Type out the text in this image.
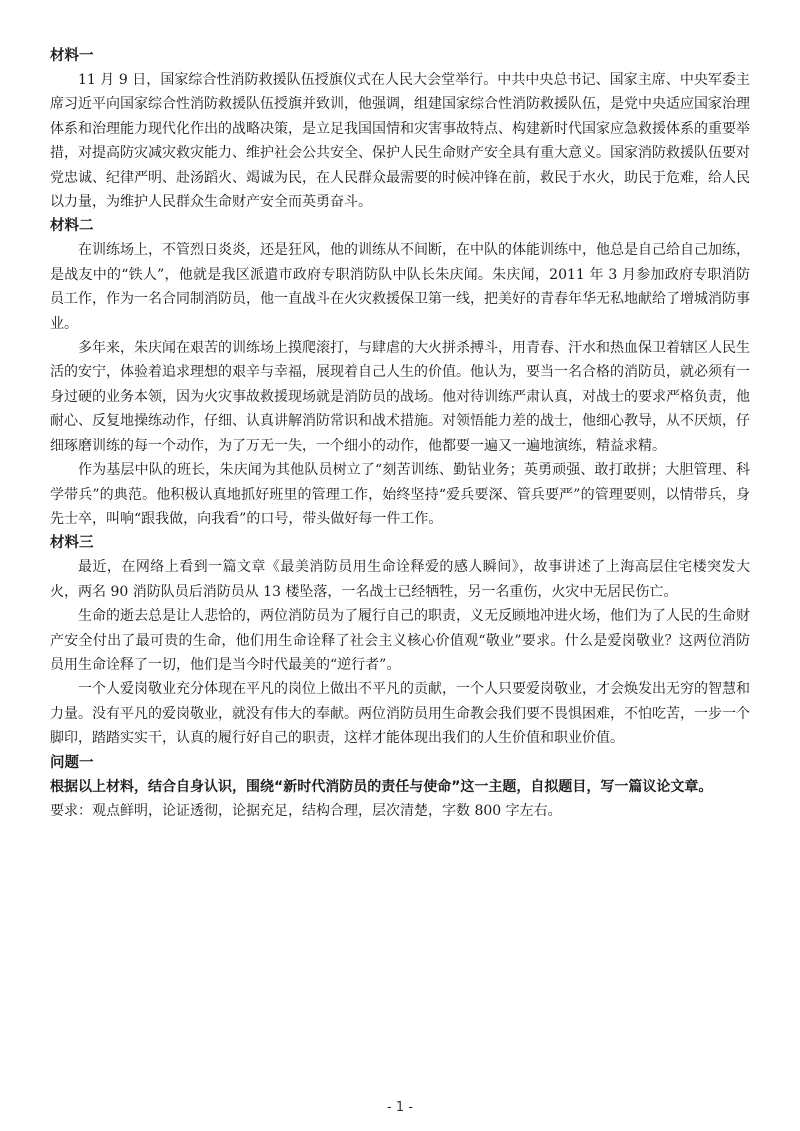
材料一

11 月 9 日，国家综合性消防救援队伍授旗仪式在人民大会堂举行。中共中央总书记、国家主席、中央军委主席习近平向国家综合性消防救援队伍授旗并致训，他强调，组建国家综合性消防救援队伍，是党中央适应国家治理体系和治理能力现代化作出的战略决策，是立足我国国情和灾害事故特点、构建新时代国家应急救援体系的重要举措，对提高防灾减灾救灾能力、维护社会公共安全、保护人民生命财产安全具有重大意义。国家消防救援队伍要对党忠诚、纪律严明、赴汤蹈火、竭诚为民，在人民群众最需要的时候冲锋在前，救民于水火，助民于危难，给人民以力量，为维护人民群众生命财产安全而英勇奋斗。

材料二

在训练场上，不管烈日炎炎，还是狂风，他的训练从不间断，在中队的体能训练中，他总是自己给自己加练，是战友中的“铁人”，他就是我区派遣市政府专职消防队中队长朱庆闻。朱庆闻，2011 年 3 月参加政府专职消防员工作，作为一名合同制消防员，他一直战斗在火灾救援保卫第一线，把美好的青春年华无私地献给了增城消防事业。

多年来，朱庆闻在艰苦的训练场上摸爬滚打，与肆虐的大火拼杀搏斗，用青春、汗水和热血保卫着辖区人民生活的安宁，体验着追求理想的艰辛与幸福，展现着自己人生的价值。他认为，要当一名合格的消防员，就必须有一身过硬的业务本领，因为火灾事故救援现场就是消防员的战场。他对待训练严肃认真，对战士的要求严格负责，他耐心、反复地操练动作，仔细、认真讲解消防常识和战术措施。对领悟能力差的战士，他细心教导，从不厌烦，仔细琢磨训练的每一个动作，为了万无一失，一个细小的动作，他都要一遍又一遍地演练，精益求精。

作为基层中队的班长，朱庆闻为其他队员树立了“刻苦训练、勤钻业务；英勇顽强、敢打敢拼；大胆管理、科学带兵”的典范。他积极认真地抓好班里的管理工作，始终坚持“爱兵要深、管兵要严”的管理要则，以情带兵，身先士卒，叫响“跟我做，向我看”的口号，带头做好每一件工作。

材料三

最近，在网络上看到一篇文章《最美消防员用生命诠释爱的感人瞬间》，故事讲述了上海高层住宅楼突发大火，两名 90 消防队员后消防员从 13 楼坠落，一名战士已经牺牲，另一名重伤，火灾中无居民伤亡。

生命的逝去总是让人悲恰的，两位消防员为了履行自己的职责，义无反顾地冲进火场，他们为了人民的生命财产安全付出了最可贵的生命，他们用生命诠释了社会主义核心价值观“敬业”要求。什么是爱岗敬业？这两位消防员用生命诠释了一切，他们是当今时代最美的“逆行者”。

一个人爱岗敬业充分体现在平凡的岗位上做出不平凡的贡献，一个人只要爱岗敬业，才会焕发出无穷的智慧和力量。没有平凡的爱岗敬业，就没有伟大的奉献。两位消防员用生命教会我们要不畏惧困难，不怕吃苦，一步一个脚印，踏踏实实干，认真的履行好自己的职责，这样才能体现出我们的人生价值和职业价值。

问题一

根据以上材料，结合自身认识，围绕“新时代消防员的责任与使命”这一主题，自拟题目，写一篇议论文章。

要求：观点鲜明，论证透彻，论据充足，结构合理，层次清楚，字数 800 字左右。

- 1 -
